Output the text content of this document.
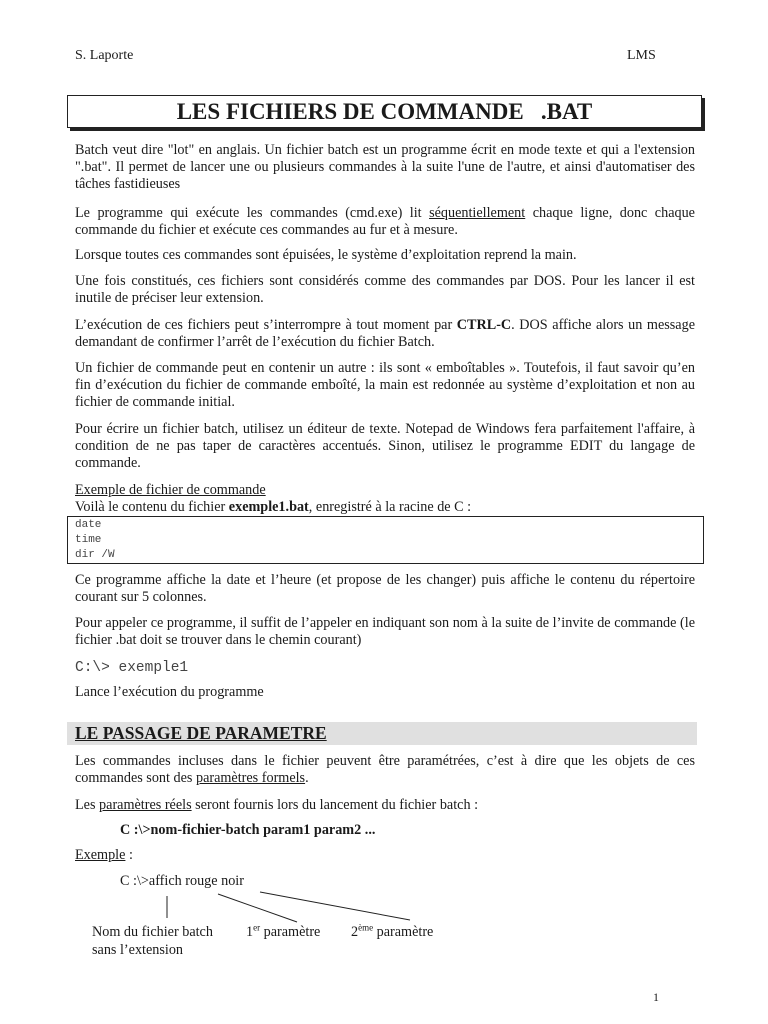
S. Laporte	LMS
LES FICHIERS DE COMMANDE   .BAT
Batch veut dire "lot" en anglais. Un fichier batch est un programme écrit en mode texte et qui a l'extension ".bat". Il permet de lancer une ou plusieurs commandes à la suite l'une de l'autre, et ainsi d'automatiser des tâches fastidieuses
Le programme qui exécute les commandes (cmd.exe) lit séquentiellement chaque ligne, donc chaque commande du fichier et exécute ces commandes au fur et à mesure.
Lorsque toutes ces commandes sont épuisées, le système d’exploitation reprend la main.
Une fois constitués, ces fichiers sont considérés comme des commandes par DOS. Pour les lancer il est inutile de préciser leur extension.
L’exécution de ces fichiers peut s’interrompre à tout moment par CTRL-C. DOS affiche alors un message demandant de confirmer l’arrêt de l’exécution du fichier Batch.
Un fichier de commande peut en contenir un autre : ils sont « emboîtables ». Toutefois, il faut savoir qu’en fin d’exécution du fichier de commande emboîté, la main est redonnée au système d’exploitation et non au fichier de commande initial.
Pour écrire un fichier batch, utilisez un éditeur de texte. Notepad de Windows fera parfaitement l'affaire, à condition de ne pas taper de caractères accentués. Sinon, utilisez le programme EDIT du langage de commande.
Exemple de fichier de commande
Voilà le contenu du fichier exemple1.bat, enregistré à la racine de C :
date
time
dir /W
Ce programme affiche la date et l’heure (et propose de les changer) puis affiche le contenu du répertoire courant sur 5 colonnes.
Pour appeler ce programme, il suffit de l’appeler en indiquant son nom à la suite de l’invite de commande (le fichier .bat doit se trouver dans le chemin courant)
C:\> exemple1
Lance l’exécution du programme
LE PASSAGE DE PARAMETRE
Les commandes incluses dans le fichier peuvent être paramétrées, c’est à dire que les objets de ces commandes sont des paramètres formels.
Les paramètres réels seront fournis lors du lancement du fichier batch :
C :\>nom-fichier-batch param1 param2 ...
Exemple :
C :\>affich rouge noir
Nom du fichier batch
sans l’extension
1er paramètre 2ème paramètre
1
